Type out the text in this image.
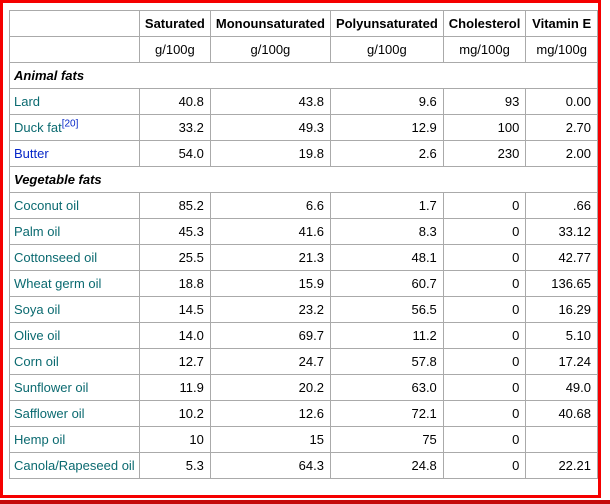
	Saturated	Monounsaturated	Polyunsaturated	Cholesterol	Vitamin E
	g/100g	g/100g	g/100g	mg/100g	mg/100g
Animal fats					
Lard	40.8	43.8	9.6	93	0.00
Duck fat[20]	33.2	49.3	12.9	100	2.70
Butter	54.0	19.8	2.6	230	2.00
Vegetable fats					
Coconut oil	85.2	6.6	1.7	0	.66
Palm oil	45.3	41.6	8.3	0	33.12
Cottonseed oil	25.5	21.3	48.1	0	42.77
Wheat germ oil	18.8	15.9	60.7	0	136.65
Soya oil	14.5	23.2	56.5	0	16.29
Olive oil	14.0	69.7	11.2	0	5.10
Corn oil	12.7	24.7	57.8	0	17.24
Sunflower oil	11.9	20.2	63.0	0	49.0
Safflower oil	10.2	12.6	72.1	0	40.68
Hemp oil	10	15	75	0	
Canola/Rapeseed oil	5.3	64.3	24.8	0	22.21
